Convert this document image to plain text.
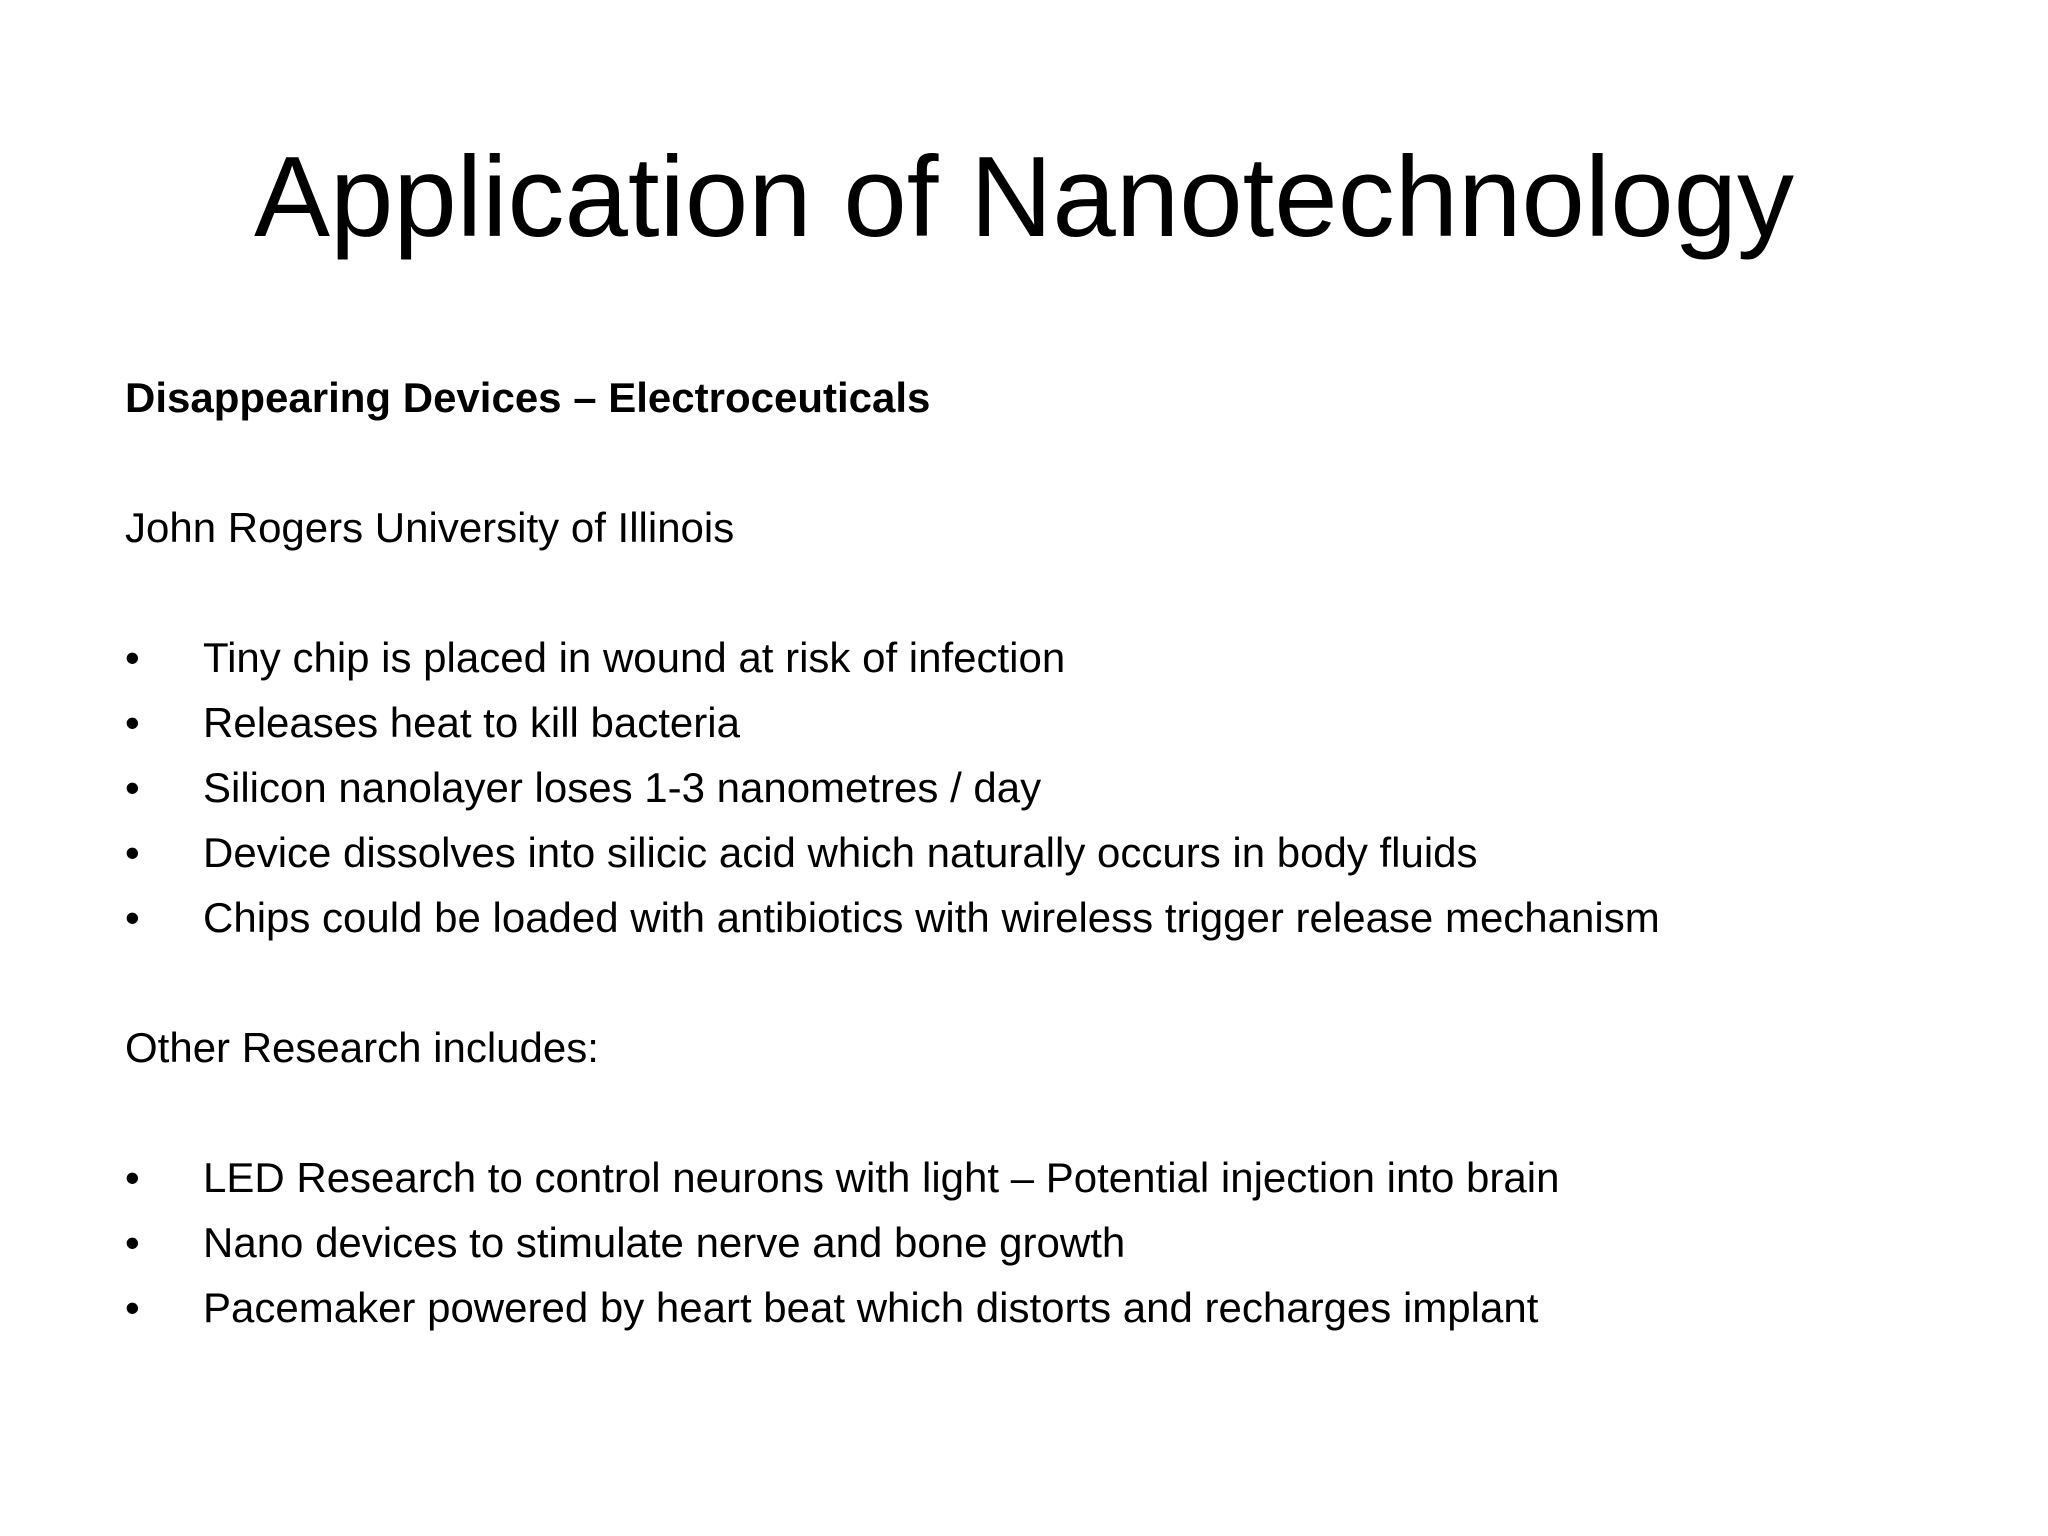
Application of Nanotechnology
Disappearing Devices – Electroceuticals
John Rogers University of Illinois
•	Tiny chip is placed in wound at risk of infection
•	Releases heat to kill bacteria
•	Silicon nanolayer loses 1-3 nanometres / day
•	Device dissolves into silicic acid which naturally occurs in body fluids
•	Chips could be loaded with antibiotics with wireless trigger release mechanism
Other Research includes:
•	LED Research to control neurons with light – Potential injection into brain
•	Nano devices to stimulate nerve and bone growth
•	Pacemaker powered by heart beat which distorts and recharges implant
